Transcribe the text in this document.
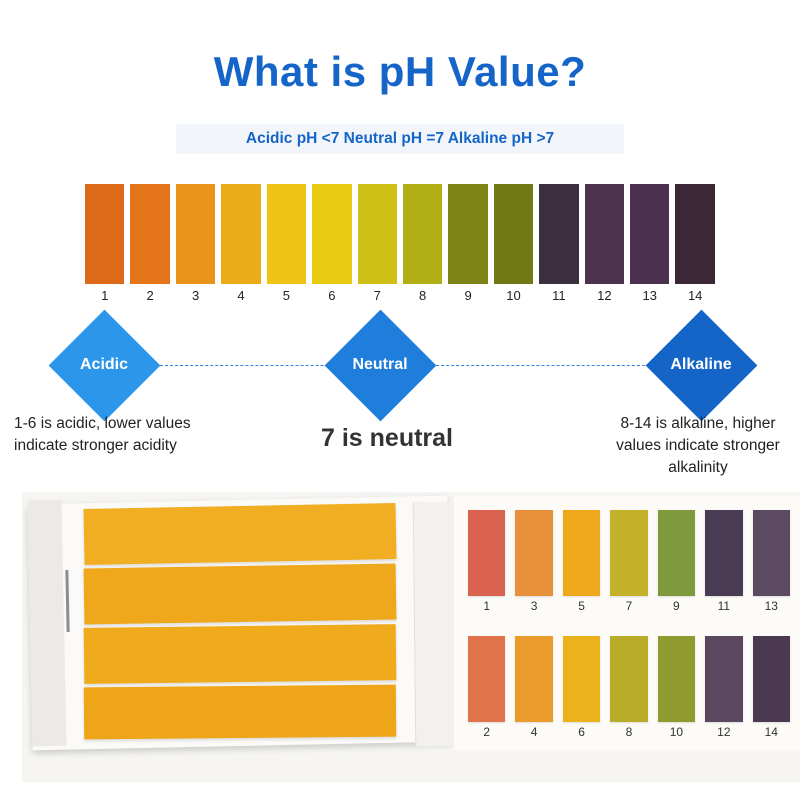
What is pH Value?
Acidic pH <7 Neutral pH =7 Alkaline pH >7
1	2	3	4	5	6	7	8	9	10	11	12	13	14
Acidic	Neutral	Alkaline
1-6 is acidic, lower values indicate stronger acidity	7 is neutral
8-14 is alkaline, higher values indicate stronger alkalinity
1	3	5	7	9	11	13
2	4	6	8	10	12	14
